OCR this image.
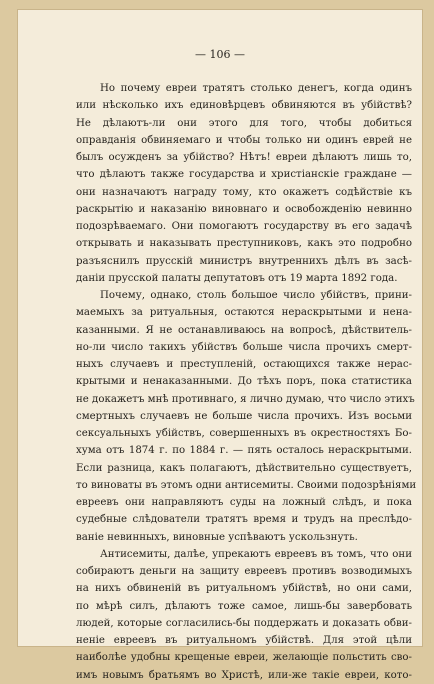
— 106 —
Но почему евреи тратятъ столько денегъ, когда одинъ
или нѣсколько ихъ единовѣрцевъ обвиняются въ убійствѣ?
Не дѣлаютъ-ли они этого для того, чтобы добиться
оправданія обвиняемаго и чтобы только ни одинъ еврей не
былъ осужденъ за убійство? Нѣтъ! евреи дѣлаютъ лишь то,
что дѣлаютъ также государства и христіанскіе граждане —
они назначаютъ награду тому, кто окажетъ содѣйствіе къ
раскрытію и наказанію виновнаго и освобожденію невинно
подозрѣваемаго. Они помогаютъ государству въ его задачѣ
открывать и наказывать преступниковъ, какъ это подробно
разъяснилъ прусскій министръ внутреннихъ дѣлъ въ засѣ-
даніи прусской палаты депутатовъ отъ 19 марта 1892 года.
Почему, однако, столь большое число убійствъ, прини-
маемыхъ за ритуальныя, остаются нераскрытыми и нена-
казанными. Я не останавливаюсь на вопросѣ, дѣйствитель-
но-ли число такихъ убійствъ больше числа прочихъ смерт-
ныхъ случаевъ и преступленій, остающихся также нерас-
крытыми и ненаказанными. До тѣхъ поръ, пока статистика
не докажетъ мнѣ противнаго, я лично думаю, что число этихъ
смертныхъ случаевъ не больше числа прочихъ. Изъ восьми
сексуальныхъ убійствъ, совершенныхъ въ окрестностяхъ Бо-
хума отъ 1874 г. по 1884 г. — пять осталось нераскрытыми.
Если разница, какъ полагаютъ, дѣйствительно существуетъ,
то виноваты въ этомъ одни антисемиты. Своими подозрѣніями
евреевъ они направляютъ суды на ложный слѣдъ, и пока
судебные слѣдователи тратятъ время и трудъ на преслѣдо-
ваніе невинныхъ, виновные успѣваютъ ускользнуть.
Антисемиты, далѣе, упрекаютъ евреевъ въ томъ, что они
собираютъ деньги на защиту евреевъ противъ возводимыхъ
на нихъ обвиненій въ ритуальномъ убійствѣ, но они сами,
по мѣрѣ силъ, дѣлаютъ тоже самое, лишь-бы завербовать
людей, которые согласились-бы поддержать и доказать обви-
неніе евреевъ въ ритуальномъ убійствѣ. Для этой цѣли
наиболѣе удобны крещеные евреи, желающіе польстить сво-
имъ новымъ братьямъ во Христѣ, или-же такіе евреи, кото-
